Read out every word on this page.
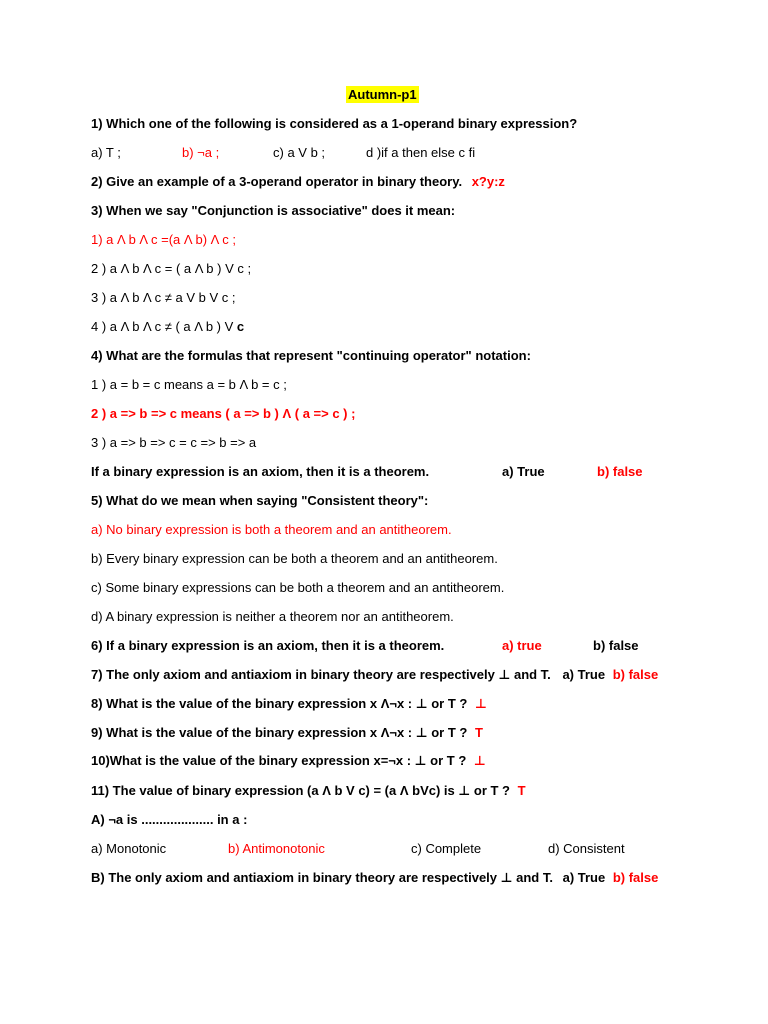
Autumn-p1
1) Which one of the following is considered as a 1-operand binary expression?
a) T ;	b) ¬a ;	c) a V b ;	d )if a then else c fi
2) Give an example of a 3-operand operator in binary theory. x?y:z
3) When we say "Conjunction is associative" does it mean:
1) a Λ b Λ c =(a Λ b) Λ c ;
2 ) a Λ b Λ c = ( a Λ b ) V c ;
3 ) a Λ b Λ c ≠ a V b V c ;
4 ) a Λ b Λ c ≠ ( a Λ b ) V c
4) What are the formulas that represent "continuing operator" notation:
1 ) a = b = c means a = b Λ b = c ;
2 ) a => b => c means ( a => b ) Λ ( a => c ) ;
3 ) a => b => c = c => b => a
If a binary expression is an axiom, then it is a theorem.	a) True	b) false
5) What do we mean when saying "Consistent theory":
a) No binary expression is both a theorem and an antitheorem.
b) Every binary expression can be both a theorem and an antitheorem.
c) Some binary expressions can be both a theorem and an antitheorem.
d) A binary expression is neither a theorem nor an antitheorem.
6) If a binary expression is an axiom, then it is a theorem.	a) true	b) false
7) The only axiom and antiaxiom in binary theory are respectively ⊥ and T. a) True b) false
8) What is the value of the binary expression x Λ¬x : ⊥ or T ? ⊥
9) What is the value of the binary expression x Λ¬x : ⊥ or T ? T
10)What is the value of the binary expression x=¬x : ⊥ or T ? ⊥
11) The value of binary expression (a Λ b V c) = (a Λ bVc) is ⊥ or T ? T
A) ¬a is .................... in a :
a) Monotonic	b) Antimonotonic	c) Complete	d) Consistent
B) The only axiom and antiaxiom in binary theory are respectively ⊥ and T. a) True b) false
